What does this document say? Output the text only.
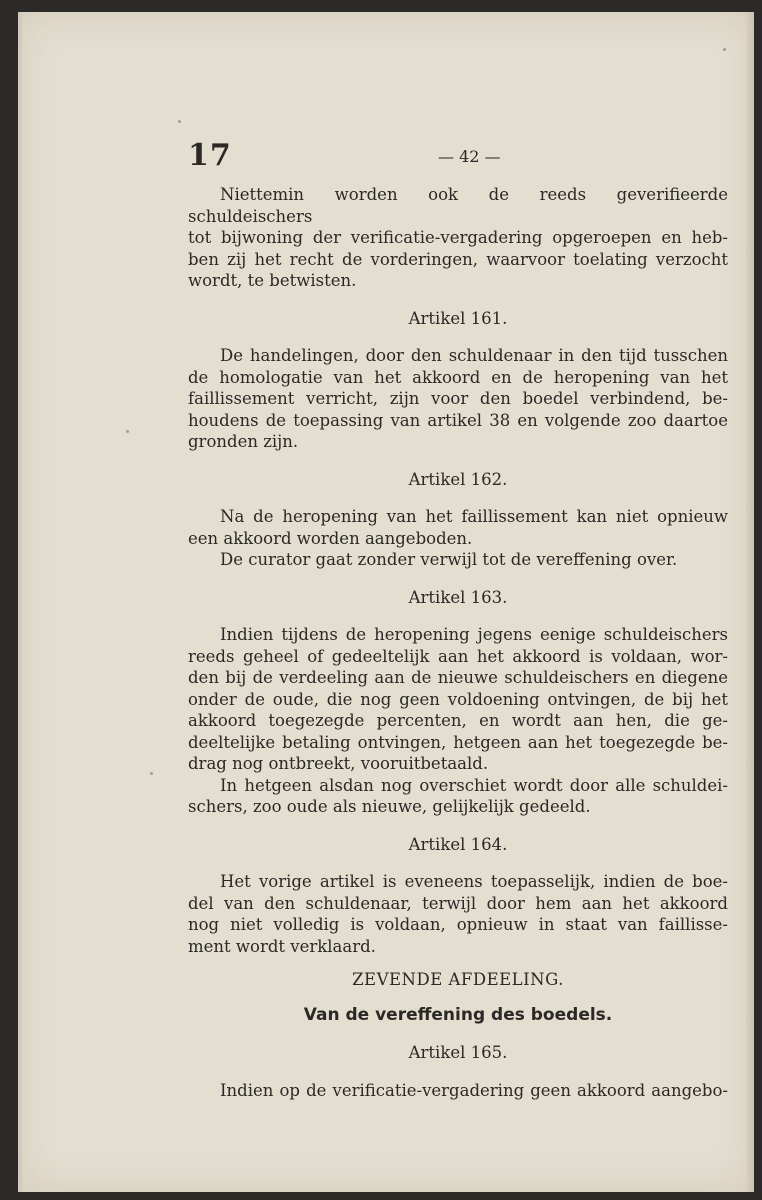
17	— 42 —

Niettemin worden ook de reeds geverifieerde schuldeischers
tot bijwoning der verificatie-vergadering opgeroepen en heb-
ben zij het recht de vorderingen, waarvoor toelating verzocht
wordt, te betwisten.

Artikel 161.

De handelingen, door den schuldenaar in den tijd tusschen
de homologatie van het akkoord en de heropening van het
faillissement verricht, zijn voor den boedel verbindend, be-
houdens de toepassing van artikel 38 en volgende zoo daartoe
gronden zijn.

Artikel 162.

Na de heropening van het faillissement kan niet opnieuw
een akkoord worden aangeboden.

De curator gaat zonder verwijl tot de vereffening over.

Artikel 163.

Indien tijdens de heropening jegens eenige schuldeischers
reeds geheel of gedeeltelijk aan het akkoord is voldaan, wor-
den bij de verdeeling aan de nieuwe schuldeischers en diegene
onder de oude, die nog geen voldoening ontvingen, de bij het
akkoord toegezegde percenten, en wordt aan hen, die ge-
deeltelijke betaling ontvingen, hetgeen aan het toegezegde be-
drag nog ontbreekt, vooruitbetaald.

In hetgeen alsdan nog overschiet wordt door alle schuldei-
schers, zoo oude als nieuwe, gelijkelijk gedeeld.

Artikel 164.

Het vorige artikel is eveneens toepasselijk, indien de boe-
del van den schuldenaar, terwijl door hem aan het akkoord
nog niet volledig is voldaan, opnieuw in staat van faillisse-
ment wordt verklaard.

ZEVENDE AFDEELING.
Van de vereffening des boedels.
Artikel 165.

Indien op de verificatie-vergadering geen akkoord aangebo-
